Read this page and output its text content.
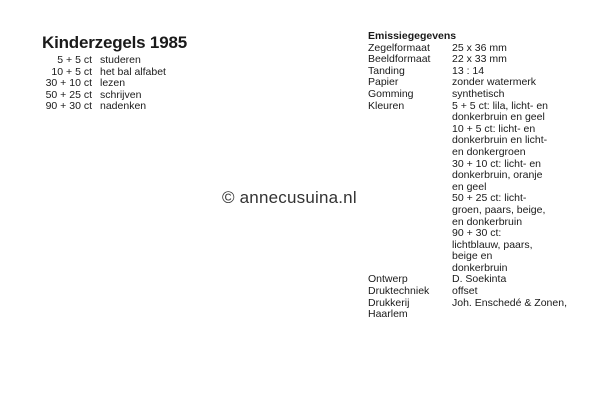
Kinderzegels 1985
5 + 5 ct studeren
10 + 5 ct het bal alfabet
30 + 10 ct lezen
50 + 25 ct schrijven
90 + 30 ct nadenken
© annecusuina.nl
Emissiegegevens
Zegelformaat	25 x 36 mm
Beeldformaat	22 x 33 mm
Tanding	13 : 14
Papier	zonder watermerk
Gomming	synthetisch
Kleuren	5 + 5 ct: lila, licht- en
donkerbruin en geel
10 + 5 ct: licht- en
donkerbruin en licht-
en donkergroen
30 + 10 ct: licht- en
donkerbruin, oranje
en geel
50 + 25 ct: licht-
groen, paars, beige,
en donkerbruin
90 + 30 ct:
lichtblauw, paars,
beige en
donkerbruin
Ontwerp	D. Soekinta
Druktechniek	offset
Drukkerij	Joh. Enschedé & Zonen,
Haarlem
